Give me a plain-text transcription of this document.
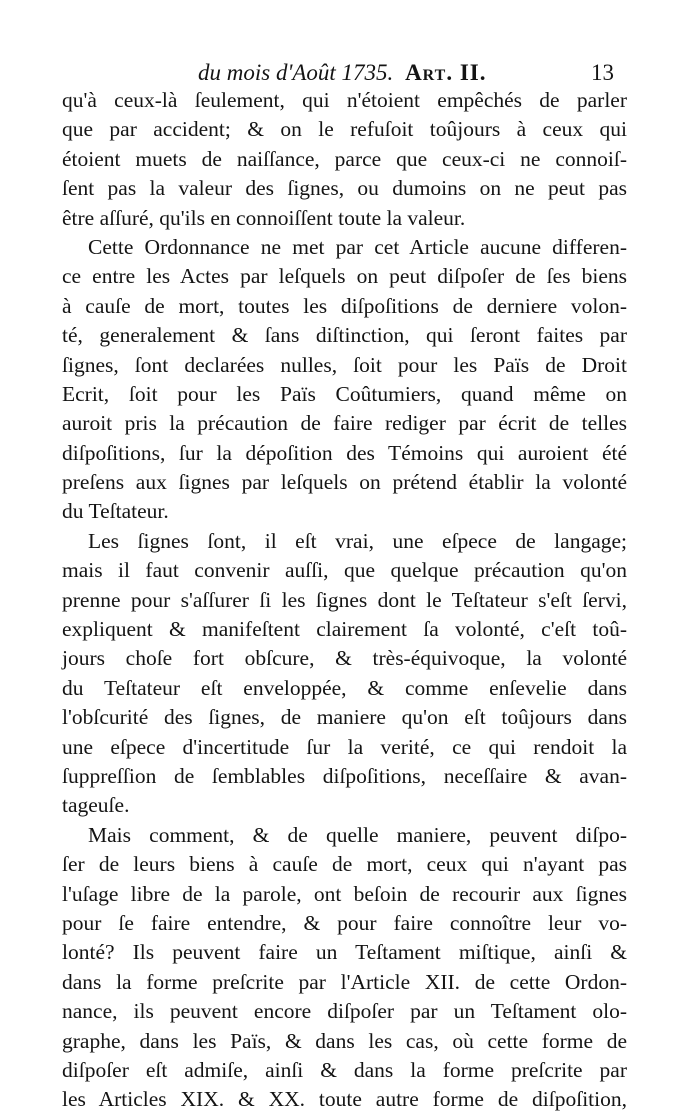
du mois d'Août 1735. Art. II.	13
qu'à ceux-là ſeulement, qui n'étoient empêchés de parler
que par accident; & on le refuſoit toûjours à ceux qui
étoient muets de naiſſance, parce que ceux-ci ne connoiſ-
ſent pas la valeur des ſignes, ou dumoins on ne peut pas
être aſſuré, qu'ils en connoiſſent toute la valeur.
Cette Ordonnance ne met par cet Article aucune differen-
ce entre les Actes par leſquels on peut diſpoſer de ſes biens
à cauſe de mort, toutes les diſpoſitions de derniere volon-
té, generalement & ſans diſtinction, qui ſeront faites par
ſignes, ſont declarées nulles, ſoit pour les Païs de Droit
Ecrit, ſoit pour les Païs Coûtumiers, quand même on
auroit pris la précaution de faire rediger par écrit de telles
diſpoſitions, ſur la dépoſition des Témoins qui auroient été
preſens aux ſignes par leſquels on prétend établir la volonté
du Teſtateur.
Les ſignes ſont, il eſt vrai, une eſpece de langage;
mais il faut convenir auſſi, que quelque précaution qu'on
prenne pour s'aſſurer ſi les ſignes dont le Teſtateur s'eſt ſervi,
expliquent & manifeſtent clairement ſa volonté, c'eſt toû-
jours choſe fort obſcure, & très-équivoque, la volonté
du Teſtateur eſt enveloppée, & comme enſevelie dans
l'obſcurité des ſignes, de maniere qu'on eſt toûjours dans
une eſpece d'incertitude ſur la verité, ce qui rendoit la
ſuppreſſion de ſemblables diſpoſitions, neceſſaire & avan-
tageuſe.
Mais comment, & de quelle maniere, peuvent diſpo-
ſer de leurs biens à cauſe de mort, ceux qui n'ayant pas
l'uſage libre de la parole, ont beſoin de recourir aux ſignes
pour ſe faire entendre, & pour faire connoître leur vo-
lonté? Ils peuvent faire un Teſtament miſtique, ainſi &
dans la forme preſcrite par l'Article XII. de cette Ordon-
nance, ils peuvent encore diſpoſer par un Teſtament olo-
graphe, dans les Païs, & dans les cas, où cette forme de
diſpoſer eſt admiſe, ainſi & dans la forme preſcrite par
les Articles XIX. & XX. toute autre forme de diſpoſition,
